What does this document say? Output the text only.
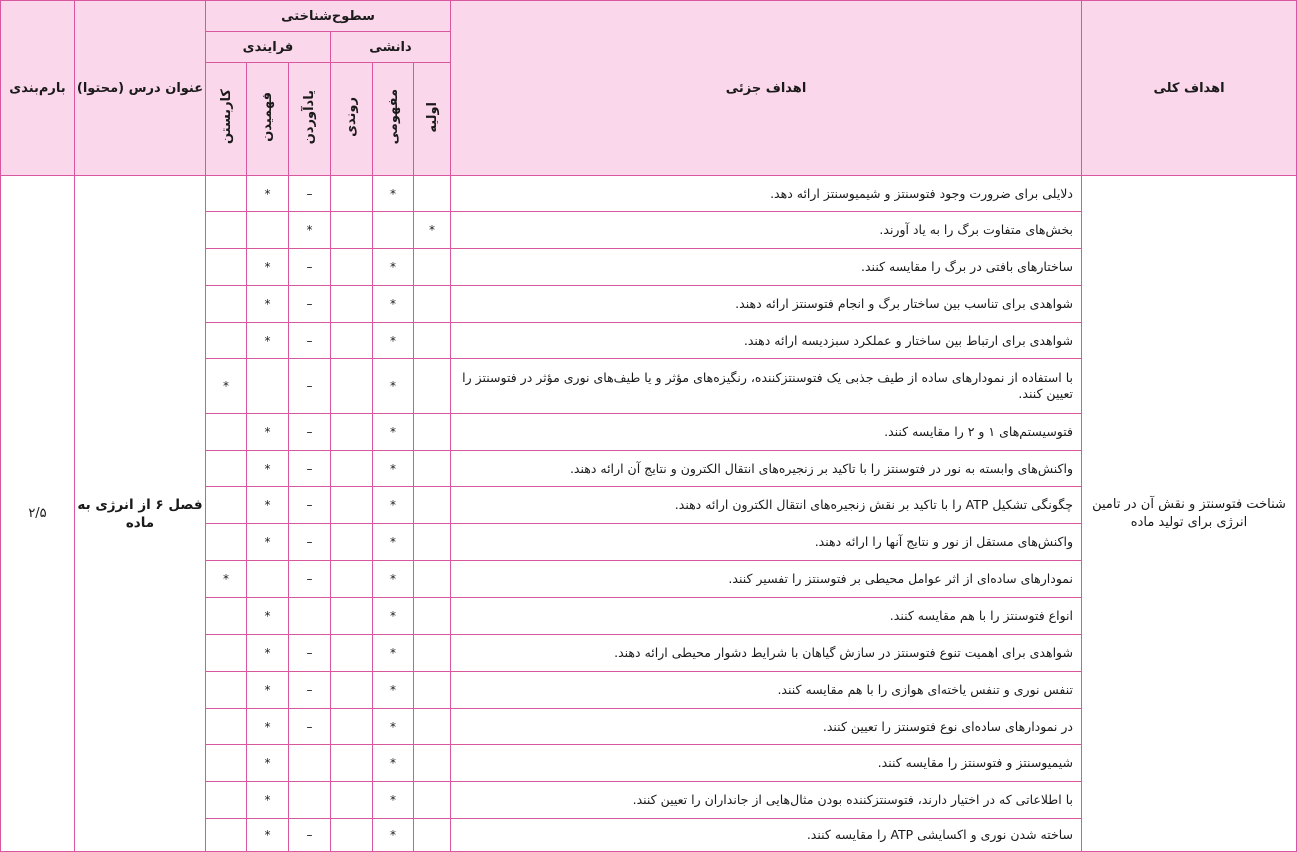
بارم‌بندی	عنوان درس (محتوا)	سطوح‌شناختی						اهداف جزئی	اهداف کلی
		فرایندی			دانشی				
		کاربستن	فهمیدن	یادآوردن	روندی	مفهومی	اولیه		
۲/۵	فصل ۶ از انرژی به ماده		*	–		*		دلایلی برای ضرورت وجود فتوسنتز و شیمیوسنتز ارائه دهد.	شناخت فتوسنتز و نقش آن در تامین انرژی برای تولید ماده
				*			*	بخش‌های متفاوت برگ را به یاد آورند.	
			*	–		*		ساختارهای بافتی در برگ را مقایسه کنند.	
			*	–		*		شواهدی برای تناسب بین ساختار برگ و انجام فتوسنتز ارائه دهند.	
			*	–		*		شواهدی برای ارتباط بین ساختار و عملکرد سبزدیسه ارائه دهند.	
		*		–		*		با استفاده از نمودارهای ساده از طیف جذبی یک فتوسنتزکننده، رنگیزه‌های مؤثر و یا طیف‌های نوری مؤثر در فتوسنتز را تعیین کنند.	
			*	–		*		فتوسیستم‌های ۱ و ۲ را مقایسه کنند.	
			*	–		*		واکنش‌های وابسته به نور در فتوسنتز را با تاکید بر زنجیره‌های انتقال الکترون و نتایج آن ارائه دهند.	
			*	–		*		چگونگی تشکیل ATP را با تاکید بر نقش زنجیره‌های انتقال الکترون ارائه دهند.	
			*	–		*		واکنش‌های مستقل از نور و نتایج آنها را ارائه دهند.	
		*		–		*		نمودارهای ساده‌ای از اثر عوامل محیطی بر فتوسنتز را تفسیر کنند.	
			*			*		انواع فتوسنتز را با هم مقایسه کنند.	
			*	–		*		شواهدی برای اهمیت تنوع فتوسنتز در سازش گیاهان با شرایط دشوار محیطی ارائه دهند.	
			*	–		*		تنفس نوری و تنفس یاخته‌ای هوازی را با هم مقایسه کنند.	
			*	–		*		در نمودارهای ساده‌ای نوع فتوسنتز را تعیین کنند.	
			*			*		شیمیوسنتز و فتوسنتز را مقایسه کنند.	
			*			*		با اطلاعاتی که در اختیار دارند، فتوسنتزکننده بودن مثال‌هایی از جانداران را تعیین کنند.	
			*	–		*		ساخته شدن نوری و اکسایشی ATP را مقایسه کنند.	
